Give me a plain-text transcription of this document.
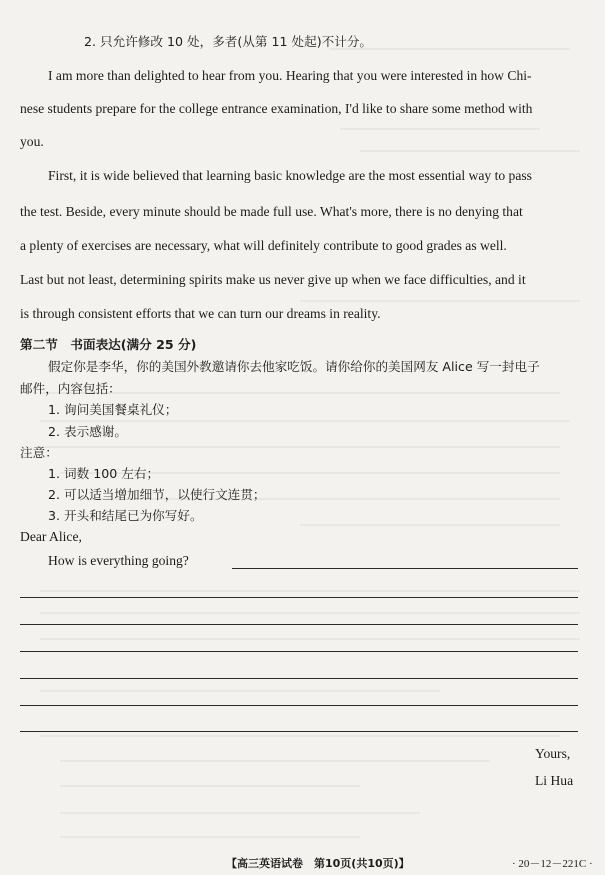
2. 只允许修改 10 处，多者(从第 11 处起)不计分。
I am more than delighted to hear from you. Hearing that you were interested in how Chi-
nese students prepare for the college entrance examination, I'd like to share some method with
you.
First, it is wide believed that learning basic knowledge are the most essential way to pass
the test. Beside, every minute should be made full use. What's more, there is no denying that
a plenty of exercises are necessary, what will definitely contribute to good grades as well.
Last but not least, determining spirits make us never give up when we face difficulties, and it
is through consistent efforts that we can turn our dreams in reality.
第二节　书面表达(满分 25 分)
假定你是李华，你的美国外教邀请你去他家吃饭。请你给你的美国网友 Alice 写一封电子
邮件，内容包括：
1. 询问美国餐桌礼仪；
2. 表示感谢。
注意：
1. 词数 100 左右；
2. 可以适当增加细节，以使行文连贯；
3. 开头和结尾已为你写好。
Dear Alice,
How is everything going?
Yours,
Li Hua
【高三英语试卷　第10页(共10页)】	· 20－12－221C ·
